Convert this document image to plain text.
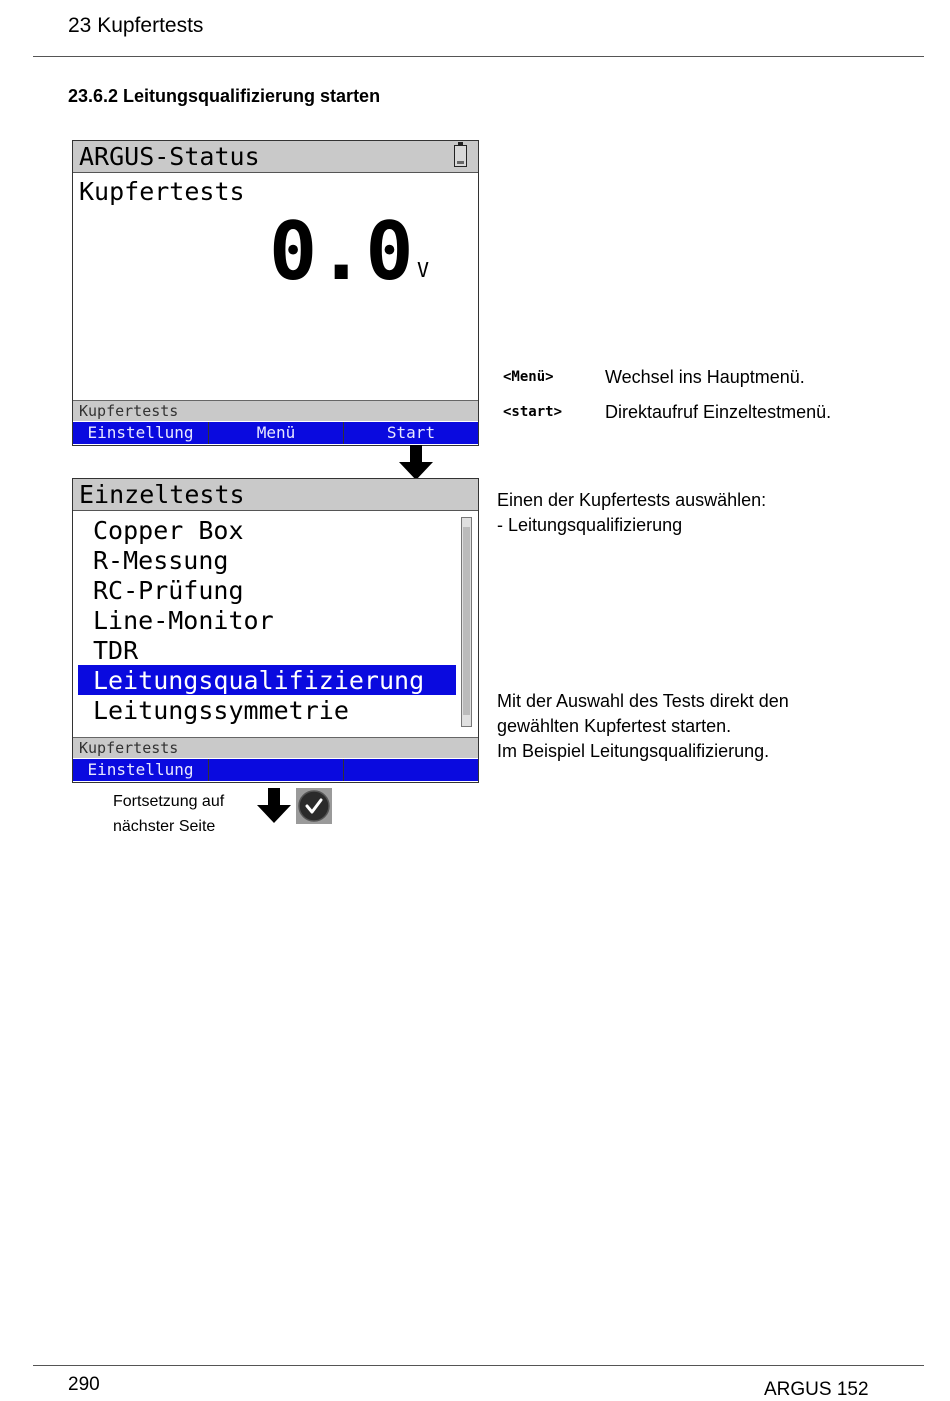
23 Kupfertests
23.6.2 Leitungsqualifizierung starten
ARGUS-Status
Kupfertests
0.0 V
Kupfertests
Einstellung	Menü	Start
<Menü>	Wechsel ins Hauptmenü.
<start> Direktaufruf Einzeltestmenü.
Einzeltests
Copper Box
R-Messung
RC-Prüfung
Line-Monitor
TDR
Leitungsqualifizierung
Leitungssymmetrie
Kupfertests
Einstellung
Einen der Kupfertests auswählen:
- Leitungsqualifizierung
Mit der Auswahl des Tests direkt den
gewählten Kupfertest starten.
Im Beispiel Leitungsqualifizierung.
Fortsetzung auf
nächster Seite
290	ARGUS 152
